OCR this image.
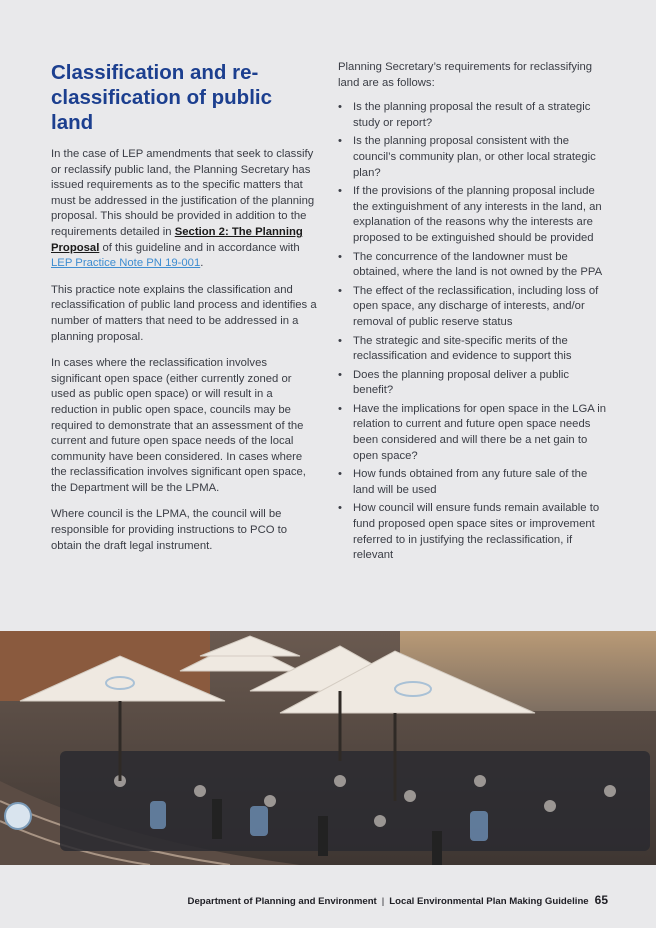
Classification and re-classification of public land

In the case of LEP amendments that seek to classify or reclassify public land, the Planning Secretary has issued requirements as to the specific matters that must be addressed in the justification of the planning proposal. This should be provided in addition to the requirements detailed in Section 2: The Planning Proposal of this guideline and in accordance with LEP Practice Note PN 19-001.

This practice note explains the classification and reclassification of public land process and identifies a number of matters that need to be addressed in a planning proposal.

In cases where the reclassification involves significant open space (either currently zoned or used as public open space) or will result in a reduction in public open space, councils may be required to demonstrate that an assessment of the current and future open space needs of the local community have been considered. In cases where the reclassification involves significant open space, the Department will be the LPMA.

Where council is the LPMA, the council will be responsible for providing instructions to PCO to obtain the draft legal instrument.

Planning Secretary’s requirements for reclassifying land are as follows:

• Is the planning proposal the result of a strategic study or report?
• Is the planning proposal consistent with the council’s community plan, or other local strategic plan?
• If the provisions of the planning proposal include the extinguishment of any interests in the land, an explanation of the reasons why the interests are proposed to be extinguished should be provided
• The concurrence of the landowner must be obtained, where the land is not owned by the PPA
• The effect of the reclassification, including loss of open space, any discharge of interests, and/or removal of public reserve status
• The strategic and site-specific merits of the reclassification and evidence to support this
• Does the planning proposal deliver a public benefit?
• Have the implications for open space in the LGA in relation to current and future open space needs been considered and will there be a net gain to open space?
• How funds obtained from any future sale of the land will be used
• How council will ensure funds remain available to fund proposed open space sites or improvement referred to in justifying the reclassification, if relevant
Department of Planning and Environment | Local Environmental Plan Making Guideline 65
